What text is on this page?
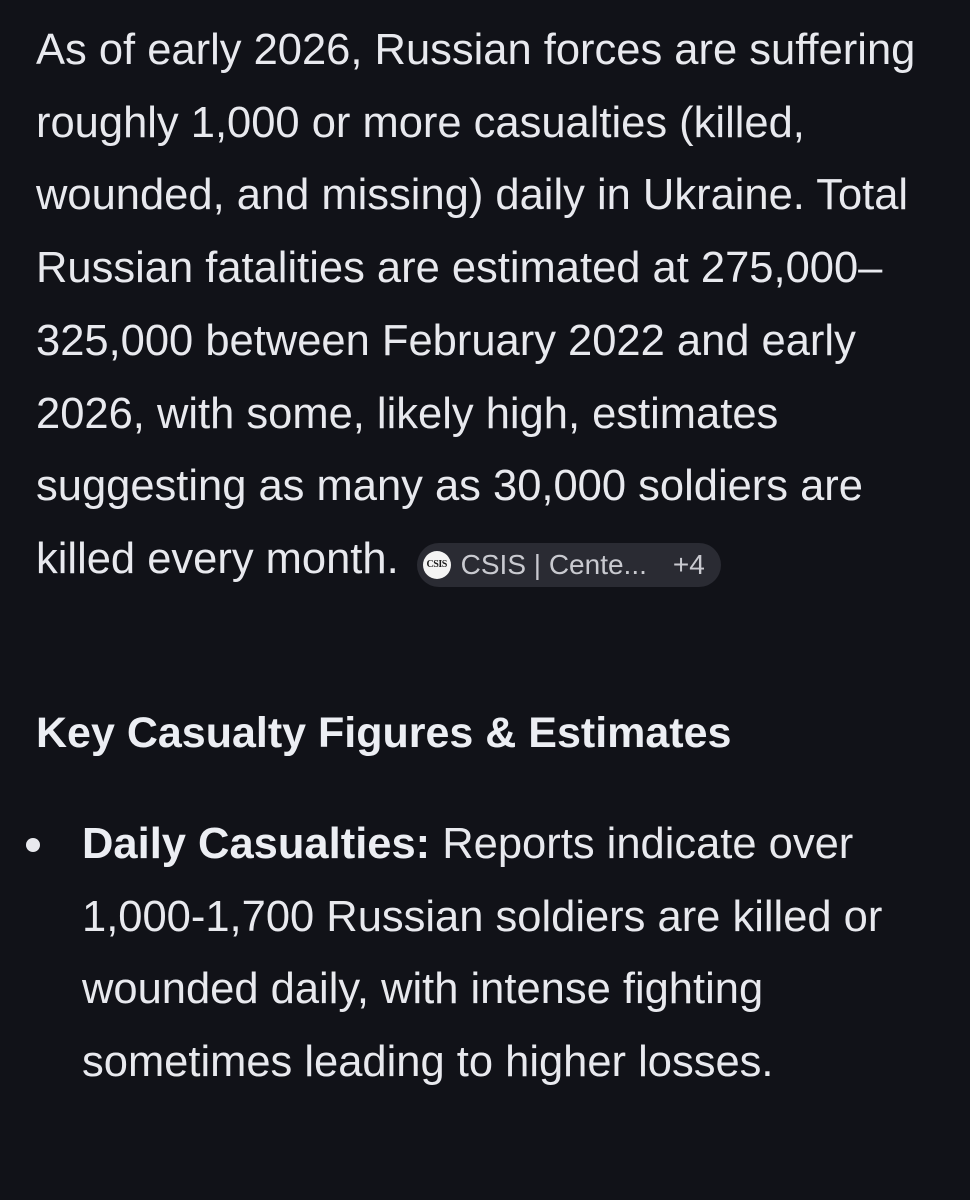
As of early 2026, Russian forces are suffering roughly 1,000 or more casualties (killed, wounded, and missing) daily in Ukraine. Total Russian fatalities are estimated at 275,000–325,000 between February 2022 and early 2026, with some, likely high, estimates suggesting as many as 30,000 soldiers are killed every month.	CSIS CSIS | Cente... +4

Key Casualty Figures & Estimates
Daily Casualties: Reports indicate over 1,000-1,700 Russian soldiers are killed or wounded daily, with intense fighting sometimes leading to higher losses.
